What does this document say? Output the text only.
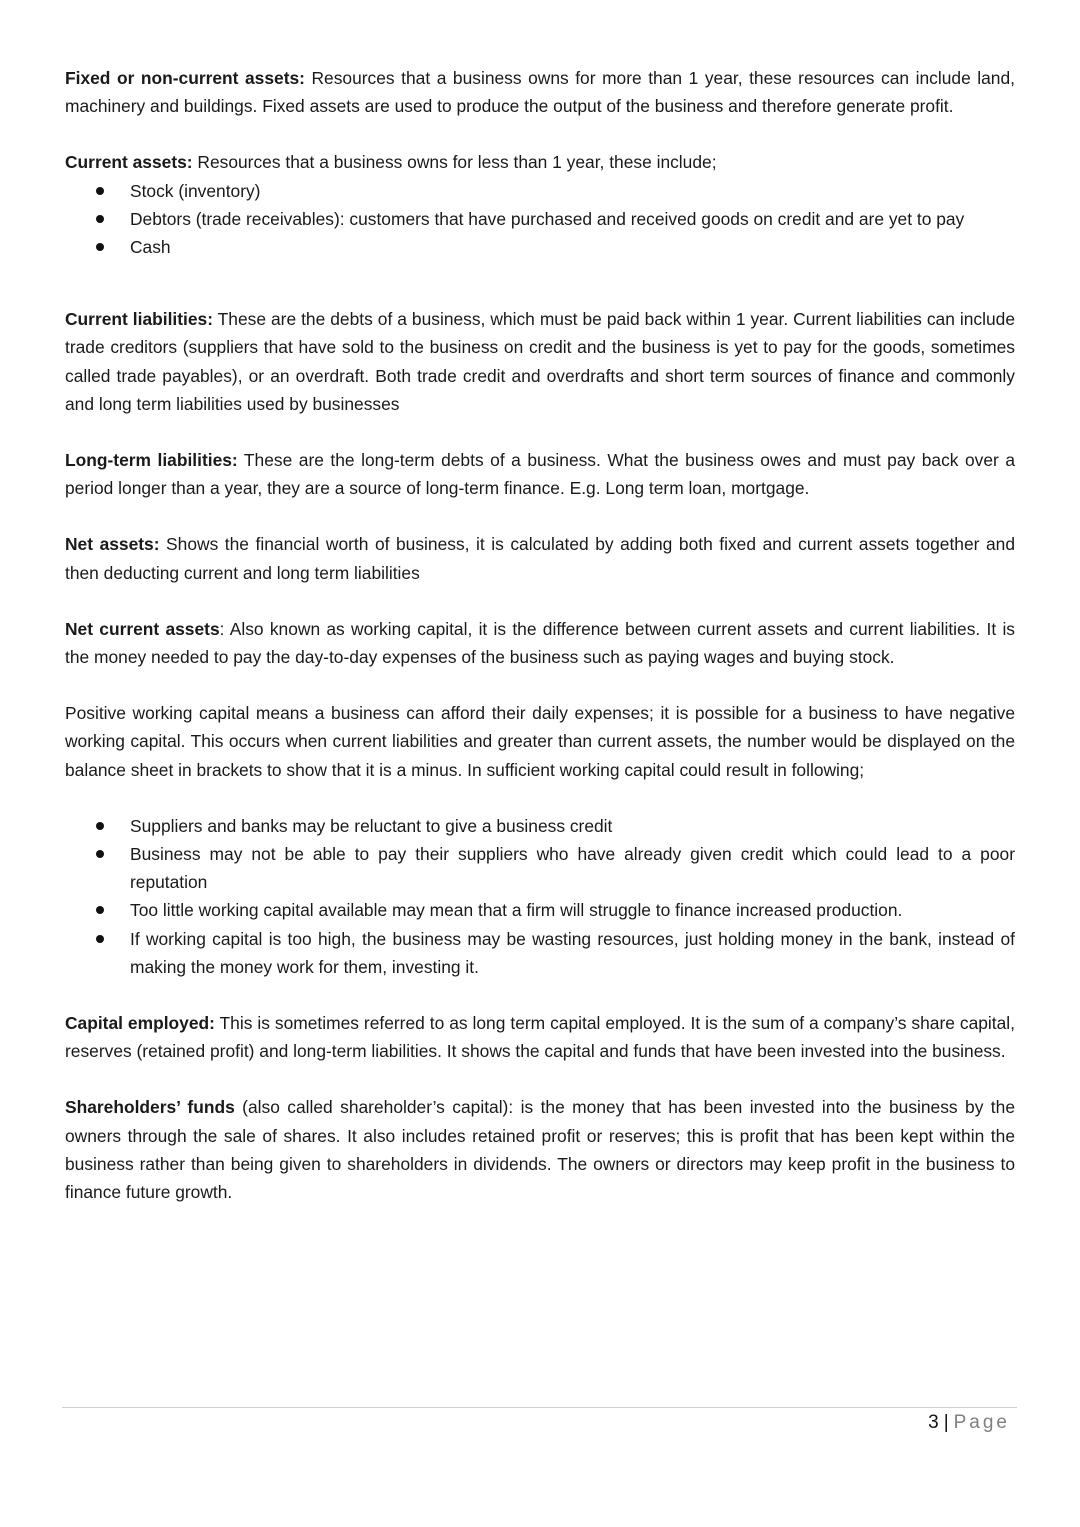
Fixed or non-current assets: Resources that a business owns for more than 1 year, these resources can include land, machinery and buildings. Fixed assets are used to produce the output of the business and therefore generate profit.

Current assets: Resources that a business owns for less than 1 year, these include;

Stock (inventory)
Debtors (trade receivables): customers that have purchased and received goods on credit and are yet to pay
Cash

Current liabilities: These are the debts of a business, which must be paid back within 1 year. Current liabilities can include trade creditors (suppliers that have sold to the business on credit and the business is yet to pay for the goods, sometimes called trade payables), or an overdraft. Both trade credit and overdrafts and short term sources of finance and commonly and long term liabilities used by businesses

Long-term liabilities: These are the long-term debts of a business. What the business owes and must pay back over a period longer than a year, they are a source of long-term finance. E.g. Long term loan, mortgage.

Net assets: Shows the financial worth of business, it is calculated by adding both fixed and current assets together and then deducting current and long term liabilities

Net current assets: Also known as working capital, it is the difference between current assets and current liabilities. It is the money needed to pay the day-to-day expenses of the business such as paying wages and buying stock.

Positive working capital means a business can afford their daily expenses; it is possible for a business to have negative working capital. This occurs when current liabilities and greater than current assets, the number would be displayed on the balance sheet in brackets to show that it is a minus. In sufficient working capital could result in following;

Suppliers and banks may be reluctant to give a business credit
Business may not be able to pay their suppliers who have already given credit which could lead to a poor reputation
Too little working capital available may mean that a firm will struggle to finance increased production.
If working capital is too high, the business may be wasting resources, just holding money in the bank, instead of making the money work for them, investing it.

Capital employed: This is sometimes referred to as long term capital employed. It is the sum of a company’s share capital, reserves (retained profit) and long-term liabilities. It shows the capital and funds that have been invested into the business.

Shareholders’ funds (also called shareholder’s capital): is the money that has been invested into the business by the owners through the sale of shares. It also includes retained profit or reserves; this is profit that has been kept within the business rather than being given to shareholders in dividends. The owners or directors may keep profit in the business to finance future growth.

3 | Page
